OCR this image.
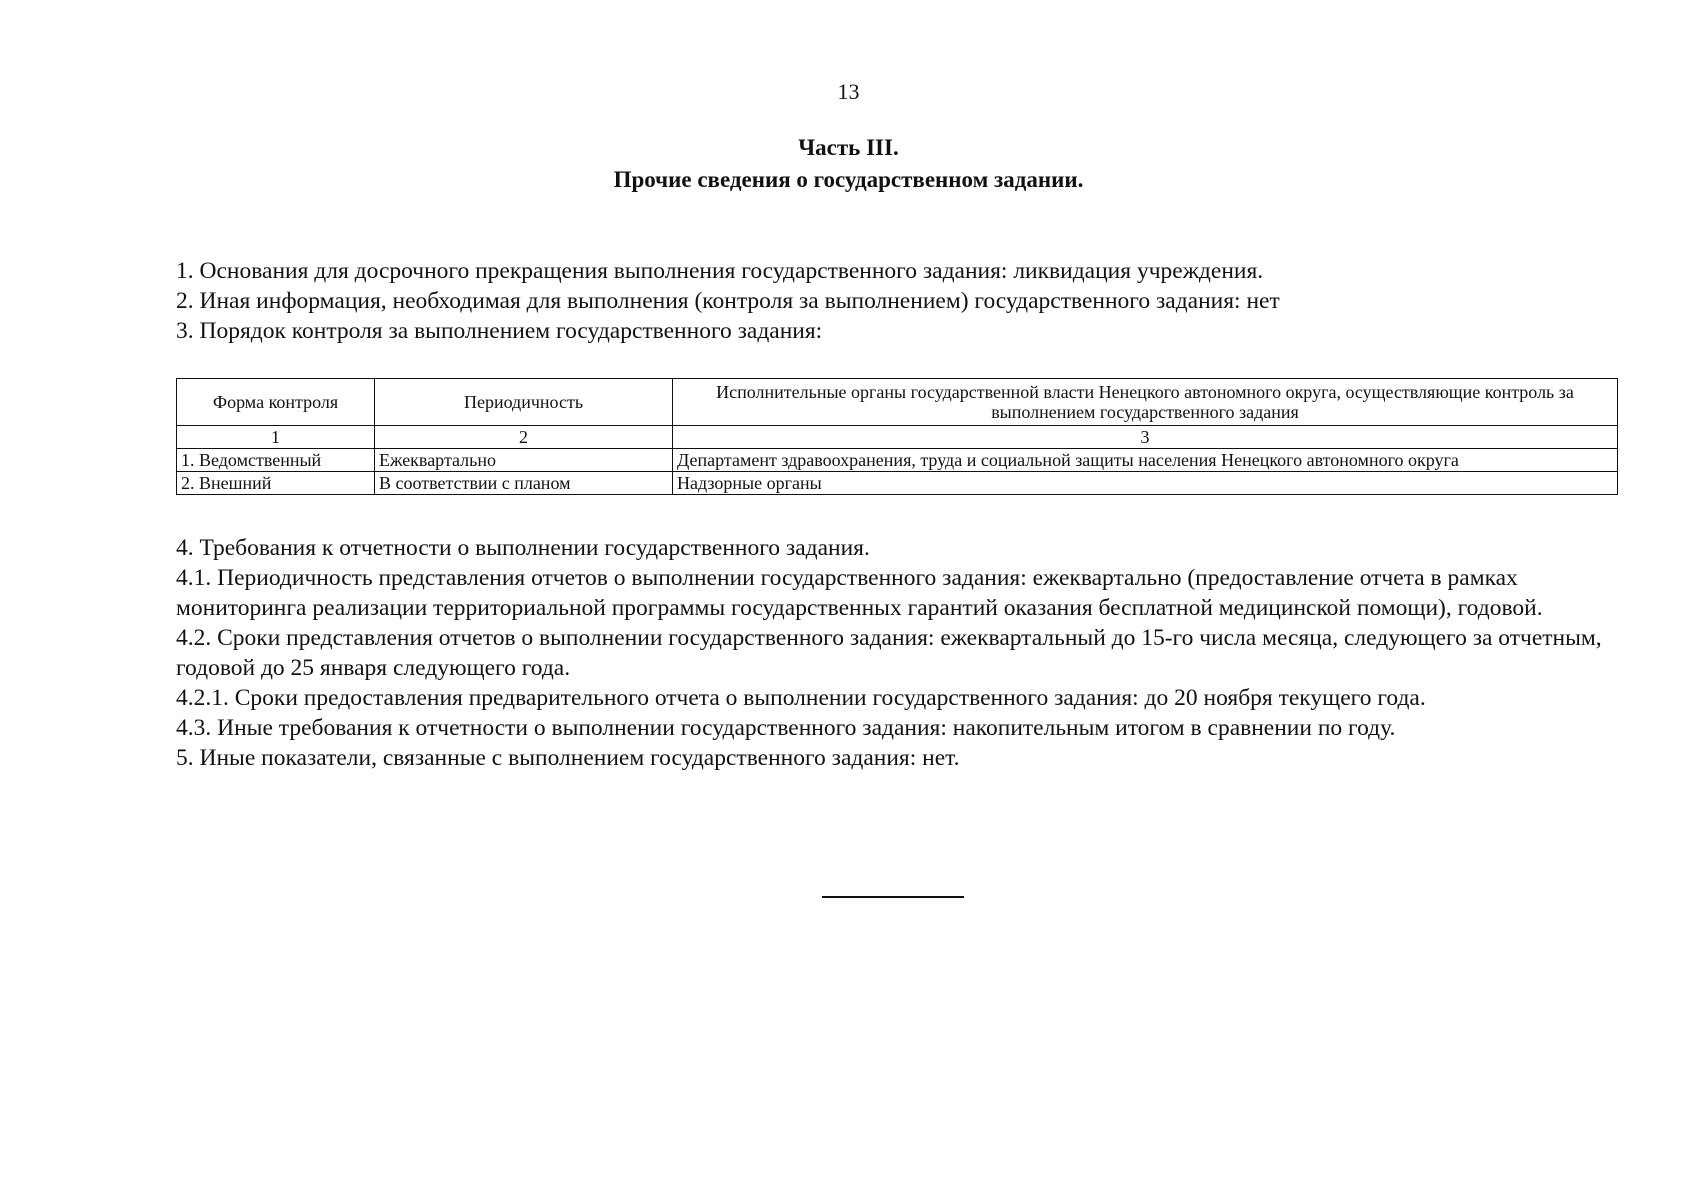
13
Часть III.
Прочие сведения о государственном задании.

1. Основания для досрочного прекращения выполнения государственного задания: ликвидация учреждения.

2. Иная информация, необходимая для выполнения (контроля за выполнением) государственного задания: нет

3. Порядок контроля за выполнением государственного задания:

Форма контроля	Периодичность	Исполнительные органы государственной власти Ненецкого автономного округа, осуществляющие контроль за выполнением государственного задания
1	2	3
1. Ведомственный	Ежеквартально	Департамент здравоохранения, труда и социальной защиты населения Ненецкого автономного округа
2. Внешний	В соответствии с планом	Надзорные органы

4. Требования к отчетности о выполнении государственного задания.

4.1. Периодичность представления отчетов о выполнении государственного задания: ежеквартально (предоставление отчета в рамках мониторинга реализации территориальной программы государственных гарантий оказания бесплатной медицинской помощи), годовой.

4.2. Сроки представления отчетов о выполнении государственного задания: ежеквартальный до 15-го числа месяца, следующего за отчетным, годовой до 25 января следующего года.

4.2.1. Сроки предоставления предварительного отчета о выполнении государственного задания: до 20 ноября текущего года.

4.3. Иные требования к отчетности о выполнении государственного задания: накопительным итогом в сравнении по году.

5. Иные показатели, связанные с выполнением государственного задания: нет.
